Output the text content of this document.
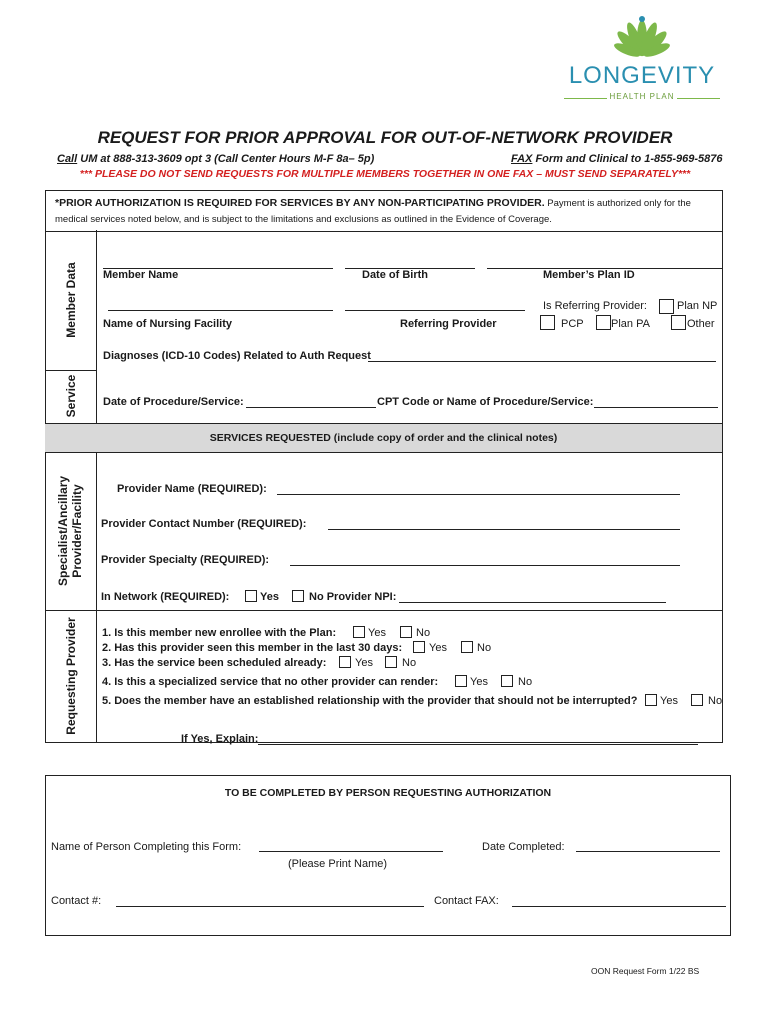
LONGEVITY
HEALTH PLAN
REQUEST FOR PRIOR APPROVAL FOR OUT-OF-NETWORK PROVIDER
Call UM at 888-313-3609 opt 3 (Call Center Hours M-F 8a– 5p)	FAX Form and Clinical to 1-855-969-5876
*** PLEASE DO NOT SEND REQUESTS FOR MULTIPLE MEMBERS TOGETHER IN ONE FAX – MUST SEND SEPARATELY***
*PRIOR AUTHORIZATION IS REQUIRED FOR SERVICES BY ANY NON-PARTICIPATING PROVIDER. Payment is authorized only for the
medical services noted below, and is subject to the limitations and exclusions as outlined in the Evidence of Coverage.
SERVICES REQUESTED (include copy of order and the clinical notes)
Member Data
Service
Specialist/Ancillary Provider/Facility
Requesting Provider
Member Name	Date of Birth	Member’s Plan ID
Name of Nursing Facility	Referring Provider
Is Referring Provider:	Plan NP
PCP Plan PA	Other
Diagnoses (ICD-10 Codes) Related to Auth Request
Date of Procedure/Service:	CPT Code or Name of Procedure/Service:
Provider Name (REQUIRED):
Provider Contact Number (REQUIRED):
Provider Specialty (REQUIRED):
In Network (REQUIRED):	Yes	No Provider NPI:
1. Is this member new enrollee with the Plan:	Yes	No
2. Has this provider seen this member in the last 30 days: Yes	No
3. Has the service been scheduled already:	Yes	No
4. Is this a specialized service that no other provider can render:	Yes	No
5. Does the member have an established relationship with the provider that should not be interrupted? Yes	No
If Yes, Explain:
TO BE COMPLETED BY PERSON REQUESTING AUTHORIZATION
Name of Person Completing this Form:
(Please Print Name)
Date Completed:
Contact #:	Contact FAX:
OON Request Form 1/22 BS
